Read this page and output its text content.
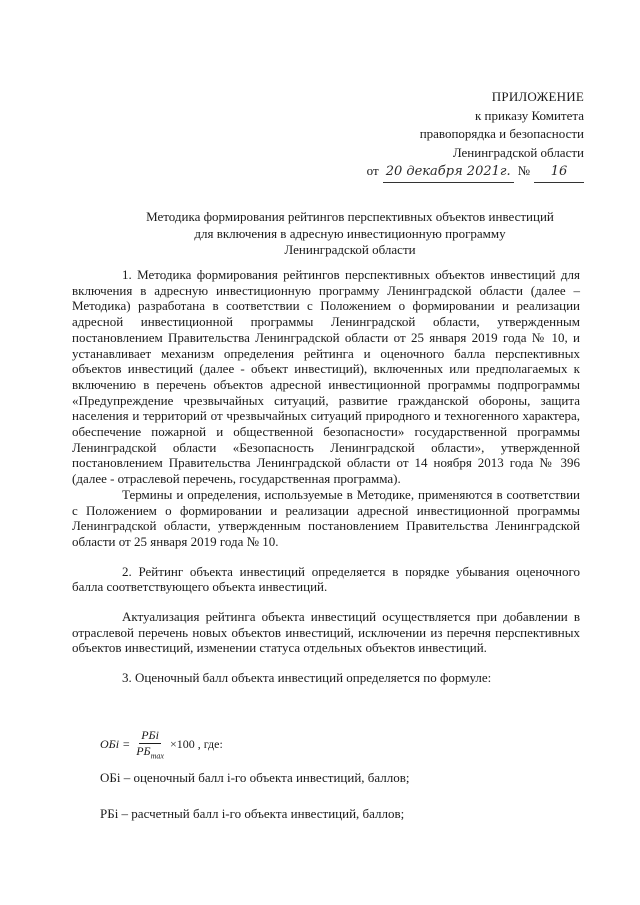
ПРИЛОЖЕНИЕ
к приказу Комитета
правопорядка и безопасности
Ленинградской области
от 20 декабря 2021г. №	16
Методика формирования рейтингов перспективных объектов инвестиций
для включения в адресную инвестиционную программу
Ленинградской области

1. Методика формирования рейтингов перспективных объектов инвестиций для включения в адресную инвестиционную программу Ленинградской области (далее – Методика) разработана в соответствии с Положением о формировании и реализации адресной инвестиционной программы Ленинградской области, утвержденным постановлением Правительства Ленинградской области от 25 января 2019 года № 10, и устанавливает механизм определения рейтинга и оценочного балла перспективных объектов инвестиций (далее - объект инвестиций), включенных или предполагаемых к включению в перечень объектов адресной инвестиционной программы подпрограммы «Предупреждение чрезвычайных ситуаций, развитие гражданской обороны, защита населения и территорий от чрезвычайных ситуаций природного и техногенного характера, обеспечение пожарной и общественной безопасности» государственной программы Ленинградской области «Безопасность Ленинградской области», утвержденной постановлением Правительства Ленинградской области от 14 ноября 2013 года № 396 (далее - отраслевой перечень, государственная программа).

Термины и определения, используемые в Методике, применяются в соответствии с Положением о формировании и реализации адресной инвестиционной программы Ленинградской области, утвержденным постановлением Правительства Ленинградской области от 25 января 2019 года № 10.

2. Рейтинг объекта инвестиций определяется в порядке убывания оценочного балла соответствующего объекта инвестиций.

Актуализация рейтинга объекта инвестиций осуществляется при добавлении в отраслевой перечень новых объектов инвестиций, исключении из перечня перспективных объектов инвестиций, изменении статуса отдельных объектов инвестиций.

3. Оценочный балл объекта инвестиций определяется по формуле:

ОБi = $\frac{\text{РБi}}{РБ_{max}} \times 100$ , где:
ОБi – оценочный балл i-го объекта инвестиций, баллов;
РБi – расчетный балл i-го объекта инвестиций, баллов;
